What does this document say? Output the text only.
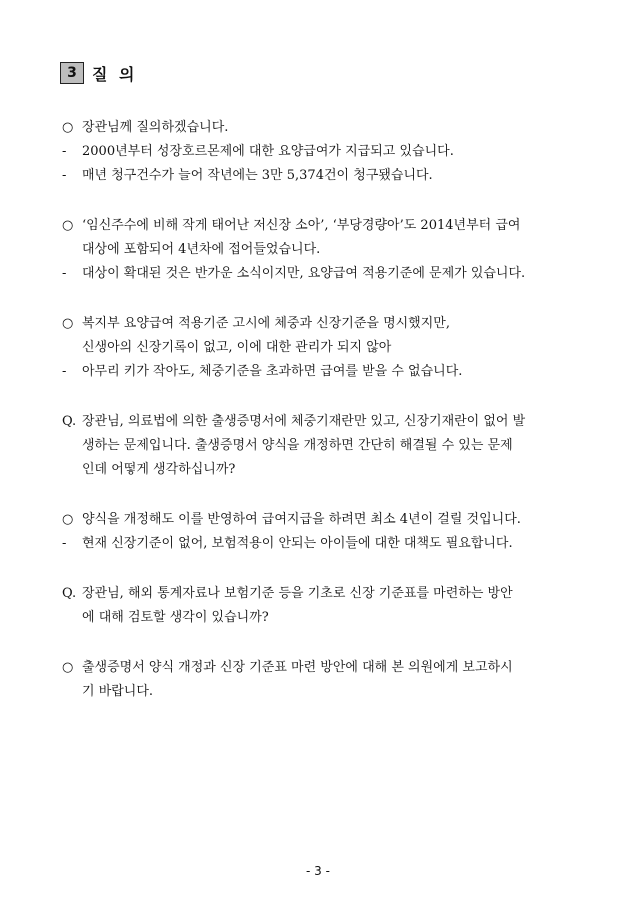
3 질 의
○ 장관님께 질의하겠습니다.
- 2000년부터 성장호르몬제에 대한 요양급여가 지급되고 있습니다.
- 매년 청구건수가 늘어 작년에는 3만 5,374건이 청구됐습니다.
○ ‘임신주수에 비해 작게 태어난 저신장 소아’, ‘부당경량아’도 2014년부터 급여
대상에 포함되어 4년차에 접어들었습니다.
- 대상이 확대된 것은 반가운 소식이지만, 요양급여 적용기준에 문제가 있습니다.
○ 복지부 요양급여 적용기준 고시에 체중과 신장기준을 명시했지만,
신생아의 신장기록이 없고, 이에 대한 관리가 되지 않아
- 아무리 키가 작아도, 체중기준을 초과하면 급여를 받을 수 없습니다.
Q. 장관님, 의료법에 의한 출생증명서에 체중기재란만 있고, 신장기재란이 없어 발
생하는 문제입니다. 출생증명서 양식을 개정하면 간단히 해결될 수 있는 문제
인데 어떻게 생각하십니까?
○ 양식을 개정해도 이를 반영하여 급여지급을 하려면 최소 4년이 걸릴 것입니다.
- 현재 신장기준이 없어, 보험적용이 안되는 아이들에 대한 대책도 필요합니다.
Q. 장관님, 해외 통계자료나 보험기준 등을 기초로 신장 기준표를 마련하는 방안
에 대해 검토할 생각이 있습니까?
○ 출생증명서 양식 개정과 신장 기준표 마련 방안에 대해 본 의원에게 보고하시
기 바랍니다.
- 3 -
